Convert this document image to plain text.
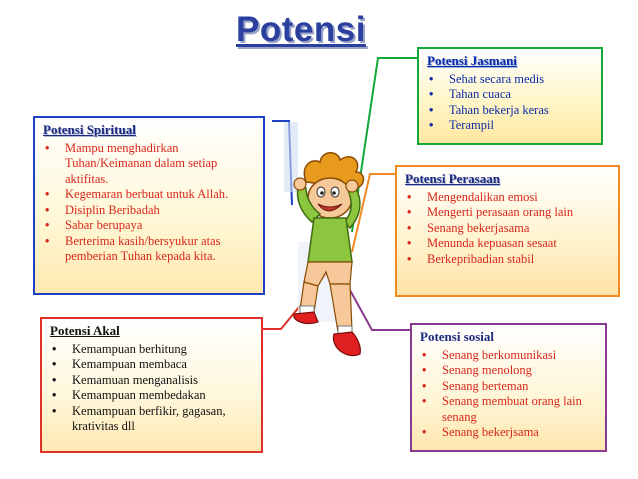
Potensi
Potensi Jasmani
• Sehat secara medis
• Tahan cuaca
• Tahan bekerja keras
• Terampil
Potensi Spiritual
• Mampu menghadirkan Tuhan/Keimanan dalam setiap aktifitas.
• Kegemaran berbuat untuk Allah.
• Disiplin Beribadah
• Sabar berupaya
• Berterima kasih/bersyukur atas pemberian Tuhan kepada kita.
Potensi Perasaan
• Mengendalikan emosi
• Mengerti perasaan orang lain
• Senang bekerjasama
• Menunda kepuasan sesaat
• Berkepribadian stabil
Potensi Akal
• Kemampuan berhitung
• Kemampuan membaca
• Kemamuan menganalisis
• Kemampuan membedakan
• Kemampuan berfikir, gagasan, krativitas dll
Potensi sosial
• Senang berkomunikasi
• Senang menolong
• Senang berteman
• Senang membuat orang lain senang
• Senang bekerjsama
